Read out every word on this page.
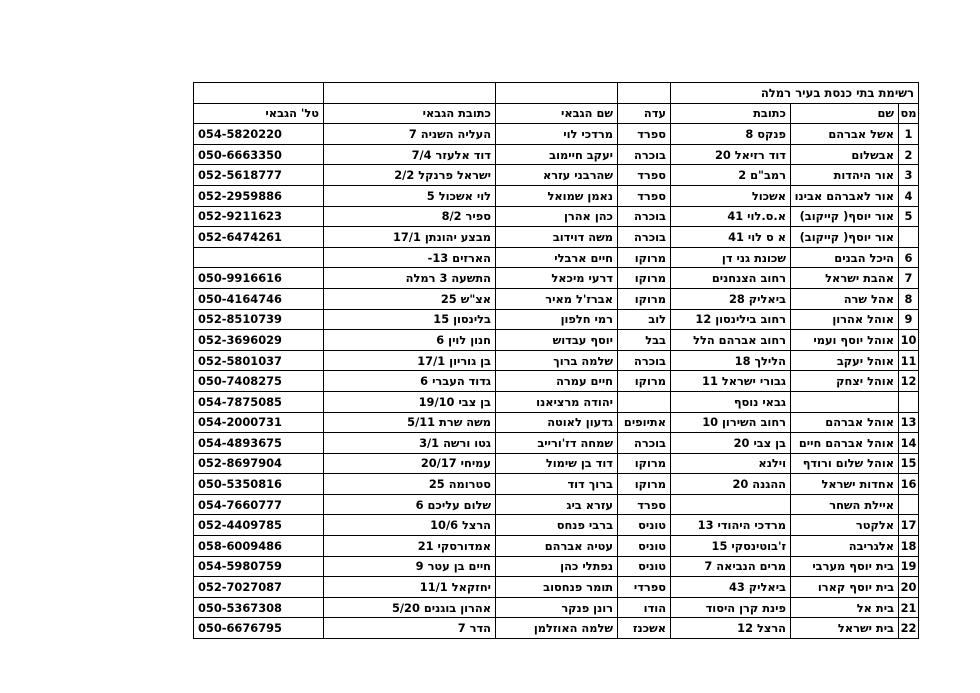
רשימת בתי כנסת בעיר רמלה						
מס	שם	כתובת	עדה	שם הגבאי	כתובת הגבאי	טל' הגבאי
1	אשל אברהם	פנקס 8	ספרד	מרדכי לוי	העליה השניה 7	054-5820220
2	אבשלום	דוד רזיאל 20	בוכרה	יעקב חיימוב	דוד אלעזר 7/4	050-6663350
3	אור היהדות	רמב"ם 2	ספרד	שהרבני עזרא	ישראל פרנקל 2/2	052-5618777
4	אור לאברהם אבינו	אשכול	ספרד	נאמן שמואל	לוי אשכול 5	052-2959886
5	אור יוסף( קייקוב)	א.ס.לוי 41	בוכרה	כהן אהרן	ספיר 8/2	052-9211623
	אור יוסף( קייקוב)	א ס לוי 41	בוכרה	משה דוידוב	מבצע יהונתן 17/1	052-6474261
6	היכל הבנים	שכונת גני דן	מרוקו	חיים ארבלי	הארזים 13-	
7	אהבת ישראל	רחוב הצנחנים	מרוקו	דרעי מיכאל	התשעה 3 רמלה	050-9916616
8	אהל שרה	ביאליק 28	מרוקו	אברז'ל מאיר	אצ"ש 25	050-4164746
9	אוהל אהרון	רחוב בילינסון 12	לוב	רמי חלפון	בלינסון 15	052-8510739
10	אוהל יוסף ועמי	רחוב אברהם הלל	בבל	יוסף עבדוש	חנון לוין 6	052-3696029
11	אוהל יעקב	הלילך 18	בוכרה	שלמה ברוך	בן גוריון 17/1	052-5801037
12	אוהל יצחק	גבורי ישראל 11	מרוקו	חיים עמרה	גדוד העברי 6	050-7408275
		גבאי נוסף		יהודה מרציאנו	בן צבי 19/10	054-7875085
13	אוהל אברהם	רחוב השירון 10	אתיופים	גדעון לאוטה	משה שרת 5/11	054-2000731
14	אוהל אברהם חיים	בן צבי 20	בוכרה	שמחה דז'ורייב	גטו ורשה 3/1	054-4893675
15	אוהל שלום ורודף	וילנא	מרוקו	דוד בן שימול	עמיחי 20/17	052-8697904
16	אחדות ישראל	ההגנה 20	מרוקו	ברוך דוד	סטרומה 25	050-5350816
	איילת השחר		ספרד	עזרא ביג	שלום עליכם 6	054-7660777
17	אלקטר	מרדכי היהודי 13	טוניס	ברבי פנחס	הרצל 10/6	052-4409785
18	אלגריבה	ז'בוטינסקי 15	טוניס	עטיה אברהם	אמדורסקי 21	058-6009486
19	בית יוסף מערבי	מרים הנביאה 7	טוניס	נפתלי כהן	חיים בן עטר 9	054-5980759
20	בית יוסף קארו	ביאליק 43	ספרדי	תומר פנחסוב	יחזקאל 11/1	052-7027087
21	בית אל	פינת קרן היסוד	הודו	רונן פנקר	אהרון בוגנים 5/20	050-5367308
22	בית ישראל	הרצל 12	אשכנז	שלמה האוזלמן	הדר 7	050-6676795
